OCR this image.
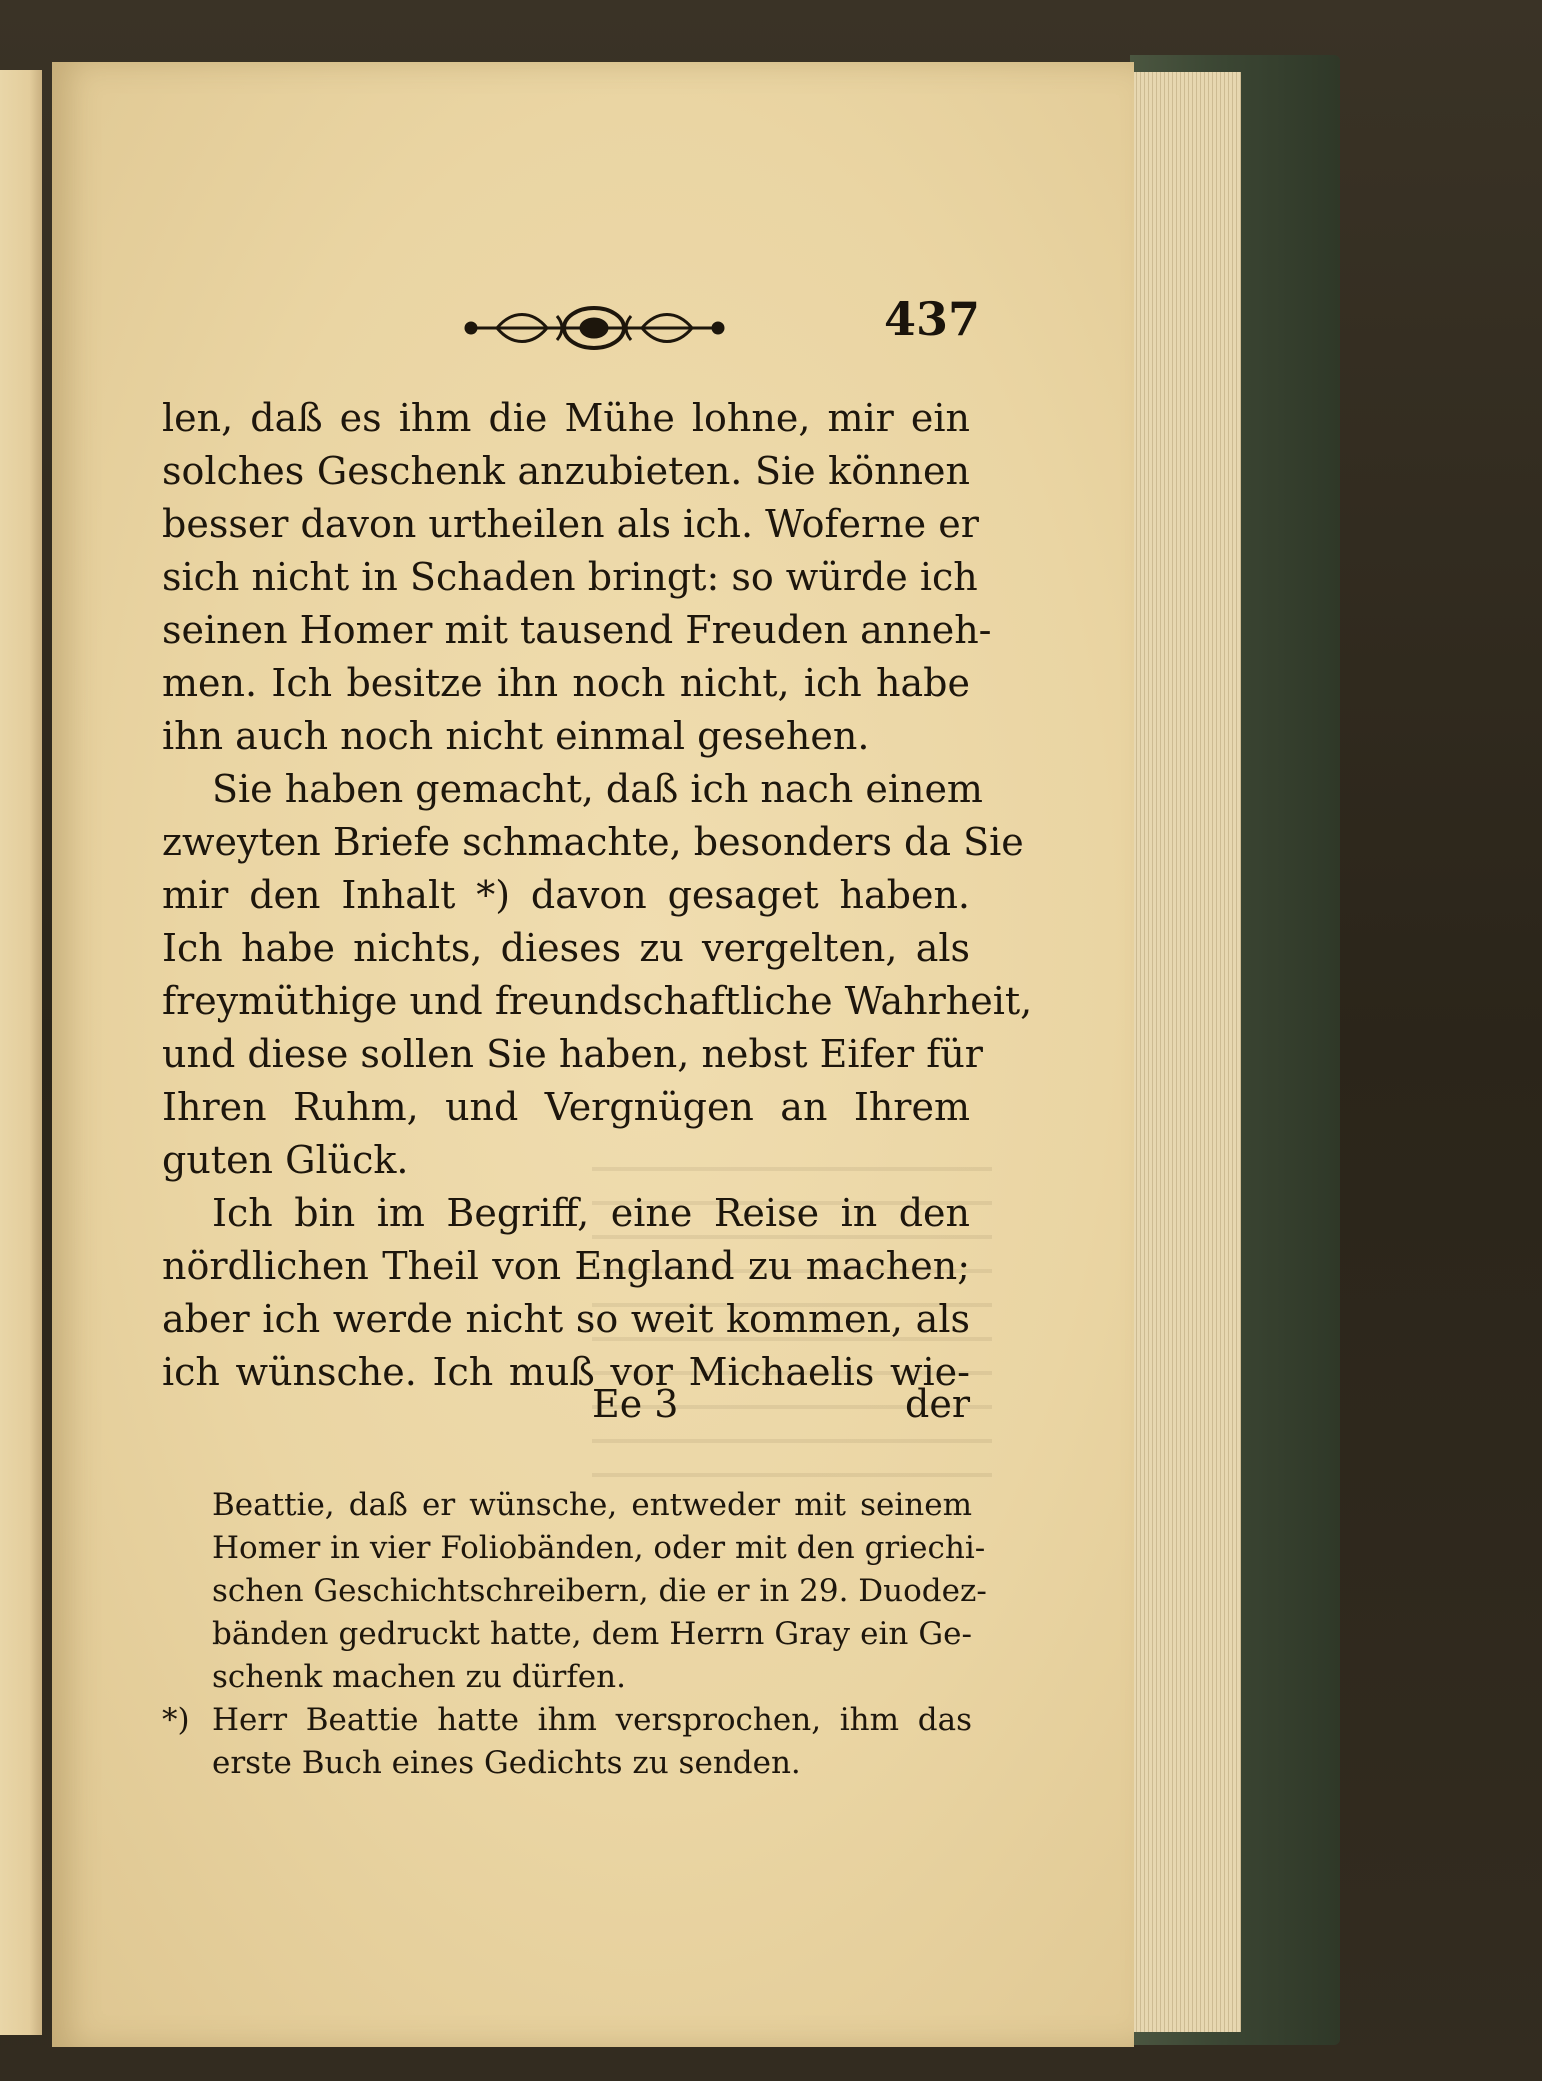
437
len, daß es ihm die Mühe lohne, mir ein
solches Geschenk anzubieten. Sie können
besser davon urtheilen als ich. Woferne er
sich nicht in Schaden bringt: so würde ich
seinen Homer mit tausend Freuden anneh-
men. Ich besitze ihn noch nicht, ich habe
ihn auch noch nicht einmal gesehen.
Sie haben gemacht, daß ich nach einem
zweyten Briefe schmachte, besonders da Sie
mir den Inhalt *) davon gesaget haben.
Ich habe nichts, dieses zu vergelten, als
freymüthige und freundschaftliche Wahrheit,
und diese sollen Sie haben, nebst Eifer für
Ihren Ruhm, und Vergnügen an Ihrem
guten Glück.
Ich bin im Begriff, eine Reise in den
nördlichen Theil von England zu machen;
aber ich werde nicht so weit kommen, als
ich wünsche. Ich muß vor Michaelis wie-
Ee 3	der
Beattie, daß er wünsche, entweder mit seinem
Homer in vier Foliobänden, oder mit den griechi-
schen Geschichtschreibern, die er in 29. Duodez-
bänden gedruckt hatte, dem Herrn Gray ein Ge-
schenk machen zu dürfen.
*) Herr Beattie hatte ihm versprochen, ihm das
erste Buch eines Gedichts zu senden.
